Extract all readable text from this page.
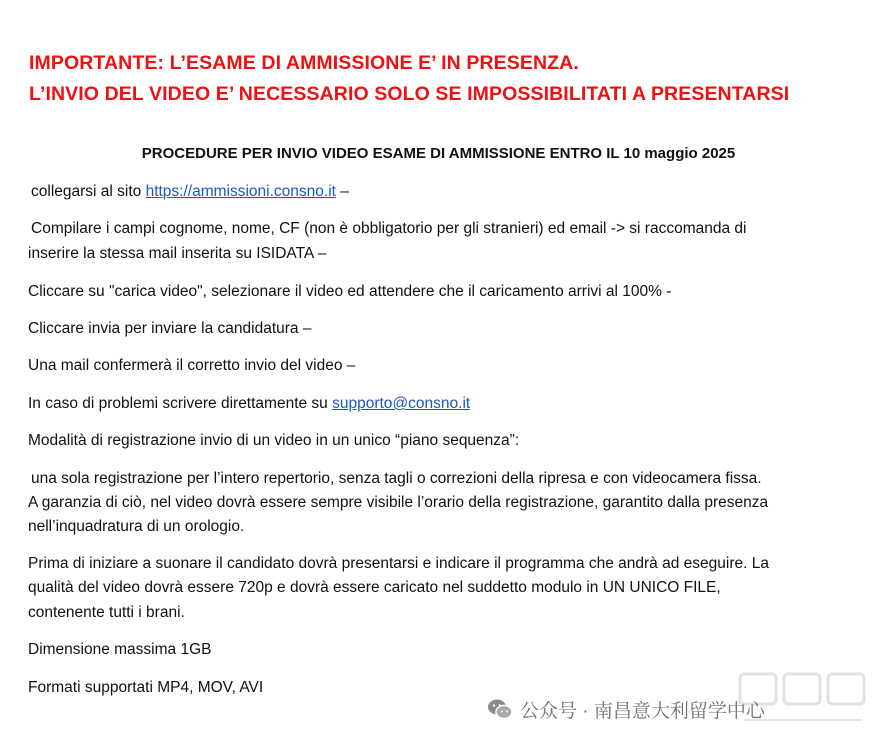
IMPORTANTE: L’ESAME DI AMMISSIONE E’ IN PRESENZA.
L’INVIO DEL VIDEO E’ NECESSARIO SOLO SE IMPOSSIBILITATI A PRESENTARSI
PROCEDURE PER INVIO VIDEO ESAME DI AMMISSIONE ENTRO IL 10 maggio 2025
collegarsi al sito https://ammissioni.consno.it –
Compilare i campi cognome, nome, CF (non è obbligatorio per gli stranieri) ed email -> si raccomanda di
inserire la stessa mail inserita su ISIDATA –
Cliccare su "carica video", selezionare il video ed attendere che il caricamento arrivi al 100% -
Cliccare invia per inviare la candidatura –
Una mail confermerà il corretto invio del video –
In caso di problemi scrivere direttamente su supporto@consno.it
Modalità di registrazione invio di un video in un unico “piano sequenza”:
una sola registrazione per l’intero repertorio, senza tagli o correzioni della ripresa e con videocamera fissa.
A garanzia di ciò, nel video dovrà essere sempre visibile l’orario della registrazione, garantito dalla presenza
nell’inquadratura di un orologio.
Prima di iniziare a suonare il candidato dovrà presentarsi e indicare il programma che andrà ad eseguire. La
qualità del video dovrà essere 720p e dovrà essere caricato nel suddetto modulo in UN UNICO FILE,
contenente tutti i brani.
Dimensione massima 1GB
Formati supportati MP4, MOV, AVI
公众号 · 南昌意大利留学中心
